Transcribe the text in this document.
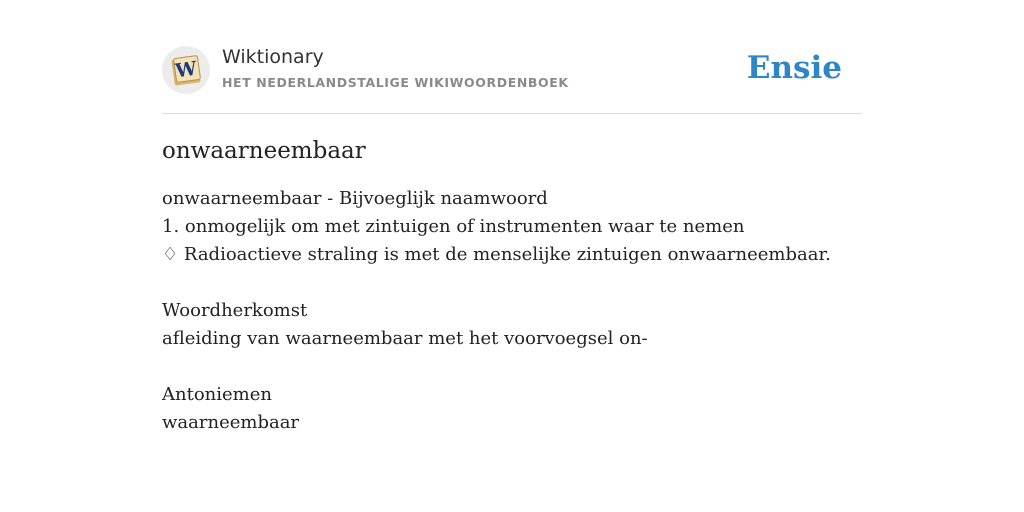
W
Wiktionary
HET NEDERLANDSTALIGE WIKIWOORDENBOEK	Ensie
onwaarneembaar
onwaarneembaar - Bijvoeglijk naamwoord
1. onmogelijk om met zintuigen of instrumenten waar te nemen
♢ Radioactieve straling is met de menselijke zintuigen onwaarneembaar.
Woordherkomst
afleiding van waarneembaar met het voorvoegsel on-
Antoniemen
waarneembaar
